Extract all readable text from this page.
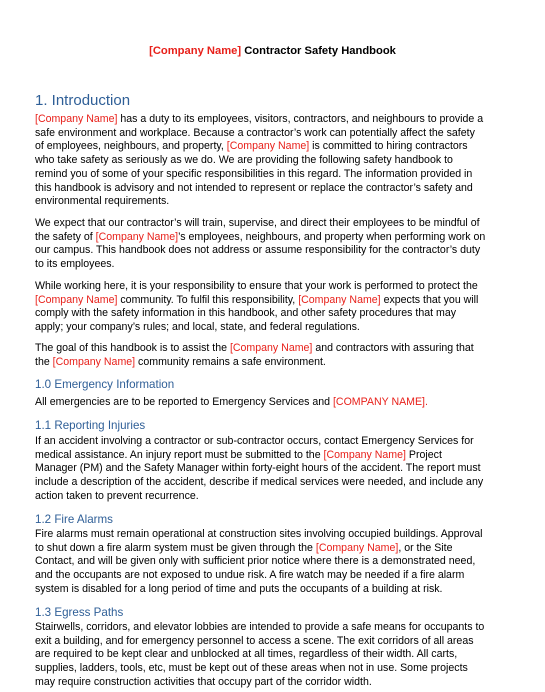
[Company Name] Contractor Safety Handbook
1. Introduction
[Company Name] has a duty to its employees, visitors, contractors, and neighbours to provide a
safe environment and workplace. Because a contractor’s work can potentially affect the safety
of employees, neighbours, and property, [Company Name] is committed to hiring contractors
who take safety as seriously as we do. We are providing the following safety handbook to
remind you of some of your specific responsibilities in this regard. The information provided in
this handbook is advisory and not intended to represent or replace the contractor’s safety and
environmental requirements.
We expect that our contractor’s will train, supervise, and direct their employees to be mindful of
the safety of [Company Name]’s employees, neighbours, and property when performing work on
our campus. This handbook does not address or assume responsibility for the contractor’s duty
to its employees.
While working here, it is your responsibility to ensure that your work is performed to protect the
[Company Name] community. To fulfil this responsibility, [Company Name] expects that you will
comply with the safety information in this handbook, and other safety procedures that may
apply; your company’s rules; and local, state, and federal regulations.
The goal of this handbook is to assist the [Company Name] and contractors with assuring that
the [Company Name] community remains a safe environment.
1.0 Emergency Information
All emergencies are to be reported to Emergency Services and [COMPANY NAME].
1.1 Reporting Injuries
If an accident involving a contractor or sub-contractor occurs, contact Emergency Services for
medical assistance. An injury report must be submitted to the [Company Name] Project
Manager (PM) and the Safety Manager within forty-eight hours of the accident. The report must
include a description of the accident, describe if medical services were needed, and include any
action taken to prevent recurrence.
1.2 Fire Alarms
Fire alarms must remain operational at construction sites involving occupied buildings. Approval
to shut down a fire alarm system must be given through the [Company Name], or the Site
Contact, and will be given only with sufficient prior notice where there is a demonstrated need,
and the occupants are not exposed to undue risk. A fire watch may be needed if a fire alarm
system is disabled for a long period of time and puts the occupants of a building at risk.
1.3 Egress Paths
Stairwells, corridors, and elevator lobbies are intended to provide a safe means for occupants to
exit a building, and for emergency personnel to access a scene. The exit corridors of all areas
are required to be kept clear and unblocked at all times, regardless of their width. All carts,
supplies, ladders, tools, etc, must be kept out of these areas when not in use. Some projects
may require construction activities that occupy part of the corridor width.
